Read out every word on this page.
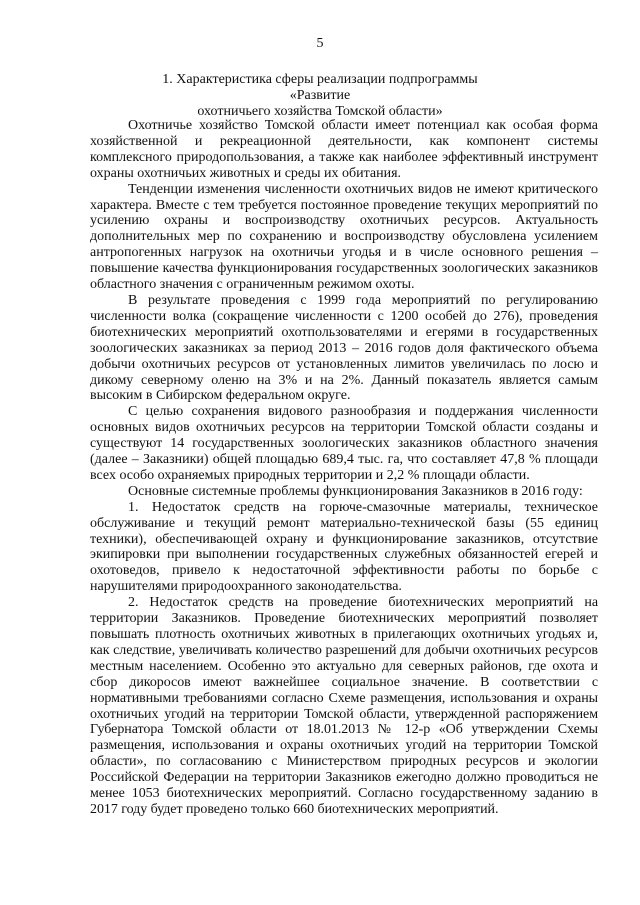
5
1. Характеристика сферы реализации подпрограммы «Развитие
охотничьего хозяйства Томской области»

Охотничье хозяйство Томской области имеет потенциал как особая форма хозяйственной и рекреационной деятельности, как компонент системы комплексного природопользования, а также как наиболее эффективный инструмент охраны охотничьих животных и среды их обитания.

Тенденции изменения численности охотничьих видов не имеют критического характера. Вместе с тем требуется постоянное проведение текущих мероприятий по усилению охраны и воспроизводству охотничьих ресурсов. Актуальность дополнительных мер по сохранению и воспроизводству обусловлена усилением антропогенных нагрузок на охотничьи угодья и в числе основного решения – повышение качества функционирования государственных зоологических заказников областного значения с ограниченным режимом охоты.

В результате проведения с 1999 года мероприятий по регулированию численности волка (сокращение численности с 1200 особей до 276), проведения биотехнических мероприятий охотпользователями и егерями в государственных зоологических заказниках за период 2013 – 2016 годов доля фактического объема добычи охотничьих ресурсов от установленных лимитов увеличилась по лосю и дикому северному оленю на 3% и на 2%. Данный показатель является самым высоким в Сибирском федеральном округе.

С целью сохранения видового разнообразия и поддержания численности основных видов охотничьих ресурсов на территории Томской области созданы и существуют 14 государственных зоологических заказников областного значения (далее – Заказники) общей площадью 689,4 тыс. га, что составляет 47,8 % площади всех особо охраняемых природных территории и 2,2 % площади области.

Основные системные проблемы функционирования Заказников в 2016 году:

1. Недостаток средств на горюче-смазочные материалы, техническое обслуживание и текущий ремонт материально-технической базы (55 единиц техники), обеспечивающей охрану и функционирование заказников, отсутствие экипировки при выполнении государственных служебных обязанностей егерей и охотоведов, привело к недостаточной эффективности работы по борьбе с нарушителями природоохранного законодательства.

2. Недостаток средств на проведение биотехнических мероприятий на территории Заказников. Проведение биотехнических мероприятий позволяет повышать плотность охотничьих животных в прилегающих охотничьих угодьях и, как следствие, увеличивать количество разрешений для добычи охотничьих ресурсов местным населением. Особенно это актуально для северных районов, где охота и сбор дикоросов имеют важнейшее социальное значение. В соответствии с нормативными требованиями согласно Схеме размещения, использования и охраны охотничьих угодий на территории Томской области, утвержденной распоряжением Губернатора Томской области от 18.01.2013 № 12-р «Об утверждении Схемы размещения, использования и охраны охотничьих угодий на территории Томской области», по согласованию с Министерством природных ресурсов и экологии Российской Федерации на территории Заказников ежегодно должно проводиться не менее 1053 биотехнических мероприятий. Согласно государственному заданию в 2017 году будет проведено только 660 биотехнических мероприятий.
